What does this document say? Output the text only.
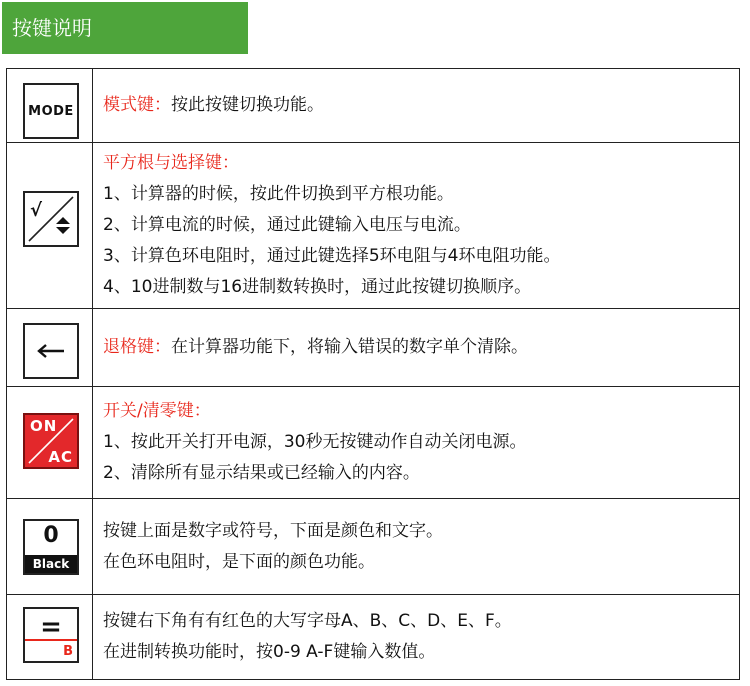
按键说明
MODE 模式键：按此按键切换功能。
√
平方根与选择键：
1、计算器的时候，按此件切换到平方根功能。
2、计算电流的时候，通过此键输入电压与电流。
3、计算色环电阻时，通过此键选择5环电阻与4环电阻功能。
4、10进制数与16进制数转换时，通过此按键切换顺序。
退格键：在计算器功能下，将输入错误的数字单个清除。
ON
AC
开关/清零键：
1、按此开关打开电源，30秒无按键动作自动关闭电源。
2、清除所有显示结果或已经输入的内容。
0
Black
按键上面是数字或符号，下面是颜色和文字。
在色环电阻时，是下面的颜色功能。
=
B
按键右下角有有红色的大写字母A、B、C、D、E、F。
在进制转换功能时，按0-9 A-F键输入数值。
